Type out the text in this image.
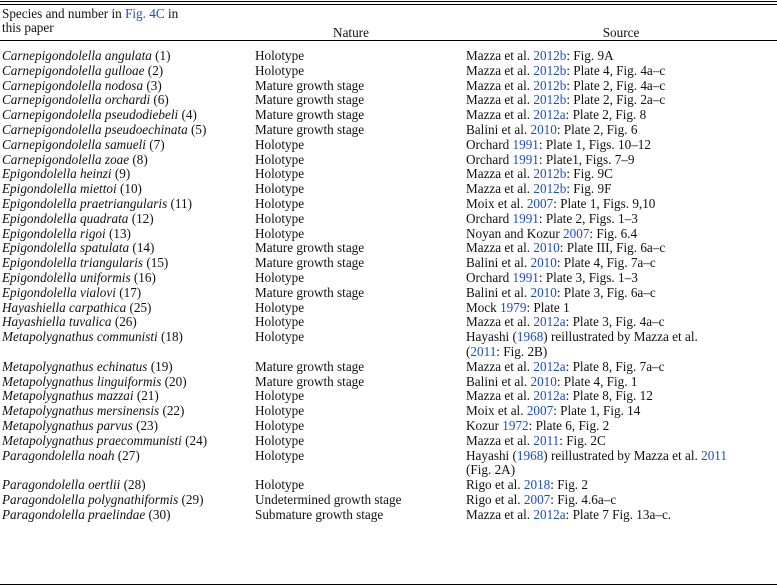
Species and number in Fig. 4C in
this paper	Nature	Source
Carnepigondolella angulata (1)	Holotype	Mazza et al. 2012b: Fig. 9A
Carnepigondolella gulloae (2)	Holotype	Mazza et al. 2012b: Plate 4, Fig. 4a–c
Carnepigondolella nodosa (3)	Mature growth stage	Mazza et al. 2012b: Plate 2, Fig. 4a–c
Carnepigondolella orchardi (6)	Mature growth stage	Mazza et al. 2012b: Plate 2, Fig. 2a–c
Carnepigondolella pseudodiebeli (4)	Mature growth stage	Mazza et al. 2012a: Plate 2, Fig. 8
Carnepigondolella pseudoechinata (5)	Mature growth stage	Balini et al. 2010: Plate 2, Fig. 6
Carnepigondolella samueli (7)	Holotype	Orchard 1991: Plate 1, Figs. 10–12
Carnepigondolella zoae (8)	Holotype	Orchard 1991: Plate1, Figs. 7–9
Epigondolella heinzi (9)	Holotype	Mazza et al. 2012b: Fig. 9C
Epigondolella miettoi (10)	Holotype	Mazza et al. 2012b: Fig. 9F
Epigondolella praetriangularis (11)	Holotype	Moix et al. 2007: Plate 1, Figs. 9,10
Epigondolella quadrata (12)	Holotype	Orchard 1991: Plate 2, Figs. 1–3
Epigondolella rigoi (13)	Holotype	Noyan and Kozur 2007: Fig. 6.4
Epigondolella spatulata (14)	Mature growth stage	Mazza et al. 2010: Plate III, Fig. 6a–c
Epigondolella triangularis (15)	Mature growth stage	Balini et al. 2010: Plate 4, Fig. 7a–c
Epigondolella uniformis (16)	Holotype	Orchard 1991: Plate 3, Figs. 1–3
Epigondolella vialovi (17)	Mature growth stage	Balini et al. 2010: Plate 3, Fig. 6a–c
Hayashiella carpathica (25)	Holotype	Mock 1979: Plate 1
Hayashiella tuvalica (26)	Holotype	Mazza et al. 2012a: Plate 3, Fig. 4a–c
Metapolygnathus communisti (18)	Holotype	Hayashi (1968) reillustrated by Mazza et al.
(2011: Fig. 2B)
Metapolygnathus echinatus (19)	Mature growth stage	Mazza et al. 2012a: Plate 8, Fig. 7a–c
Metapolygnathus linguiformis (20)	Mature growth stage	Balini et al. 2010: Plate 4, Fig. 1
Metapolygnathus mazzai (21)	Holotype	Mazza et al. 2012a: Plate 8, Fig. 12
Metapolygnathus mersinensis (22)	Holotype	Moix et al. 2007: Plate 1, Fig. 14
Metapolygnathus parvus (23)	Holotype	Kozur 1972: Plate 6, Fig. 2
Metapolygnathus praecommunisti (24)	Holotype	Mazza et al. 2011: Fig. 2C
Paragondolella noah (27)	Holotype	Hayashi (1968) reillustrated by Mazza et al. 2011
(Fig. 2A)
Paragondolella oertlii (28)	Holotype	Rigo et al. 2018: Fig. 2
Paragondolella polygnathiformis (29)	Undetermined growth stage	Rigo et al. 2007: Fig. 4.6a–c
Paragondolella praelindae (30)	Submature growth stage	Mazza et al. 2012a: Plate 7 Fig. 13a–c.
